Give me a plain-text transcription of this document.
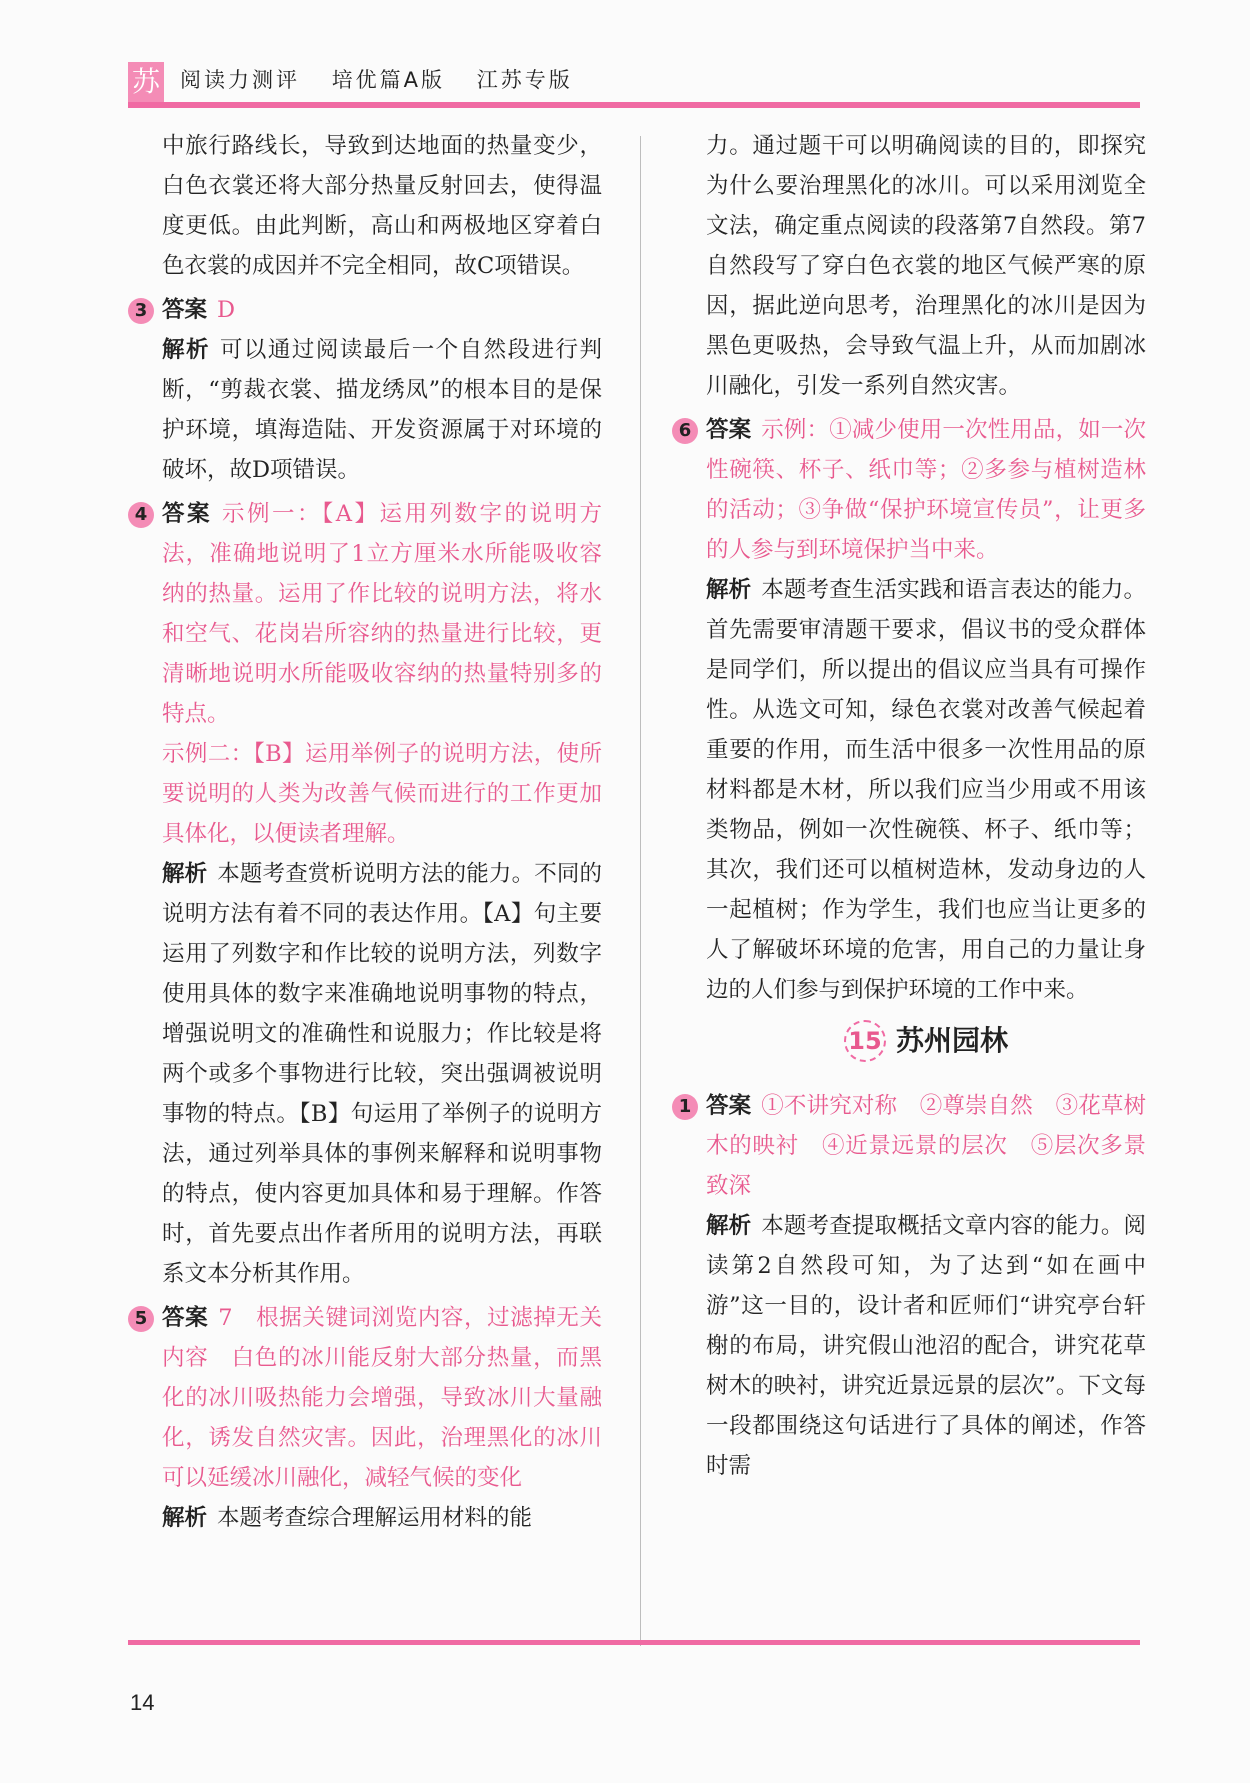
苏 阅读力测评 培优篇A版 江苏专版

中旅行路线长，导致到达地面的热量变少，白色衣裳还将大部分热量反射回去，使得温度更低。由此判断，高山和两极地区穿着白色衣裳的成因并不完全相同，故C项错误。

3 答案 D

解析 可以通过阅读最后一个自然段进行判断，“剪裁衣裳、描龙绣凤”的根本目的是保护环境，填海造陆、开发资源属于对环境的破坏，故D项错误。

4 答案 示例一：【A】运用列数字的说明方法，准确地说明了1立方厘米水所能吸收容纳的热量。运用了作比较的说明方法，将水和空气、花岗岩所容纳的热量进行比较，更清晰地说明水所能吸收容纳的热量特别多的特点。

示例二：【B】运用举例子的说明方法，使所要说明的人类为改善气候而进行的工作更加具体化，以便读者理解。

解析 本题考查赏析说明方法的能力。不同的说明方法有着不同的表达作用。【A】句主要运用了列数字和作比较的说明方法，列数字使用具体的数字来准确地说明事物的特点，增强说明文的准确性和说服力；作比较是将两个或多个事物进行比较，突出强调被说明事物的特点。【B】句运用了举例子的说明方法，通过列举具体的事例来解释和说明事物的特点，使内容更加具体和易于理解。作答时，首先要点出作者所用的说明方法，再联系文本分析其作用。

5 答案 7　根据关键词浏览内容，过滤掉无关内容　白色的冰川能反射大部分热量，而黑化的冰川吸热能力会增强，导致冰川大量融化，诱发自然灾害。因此，治理黑化的冰川可以延缓冰川融化，减轻气候的变化

解析 本题考查综合理解运用材料的能

力。通过题干可以明确阅读的目的，即探究为什么要治理黑化的冰川。可以采用浏览全文法，确定重点阅读的段落第7自然段。第7自然段写了穿白色衣裳的地区气候严寒的原因，据此逆向思考，治理黑化的冰川是因为黑色更吸热，会导致气温上升，从而加剧冰川融化，引发一系列自然灾害。

6 答案 示例：①减少使用一次性用品，如一次性碗筷、杯子、纸巾等；②多参与植树造林的活动；③争做“保护环境宣传员”，让更多的人参与到环境保护当中来。

解析 本题考查生活实践和语言表达的能力。首先需要审清题干要求，倡议书的受众群体是同学们，所以提出的倡议应当具有可操作性。从选文可知，绿色衣裳对改善气候起着重要的作用，而生活中很多一次性用品的原材料都是木材，所以我们应当少用或不用该类物品，例如一次性碗筷、杯子、纸巾等；其次，我们还可以植树造林，发动身边的人一起植树；作为学生，我们也应当让更多的人了解破坏环境的危害，用自己的力量让身边的人们参与到保护环境的工作中来。

15 苏州园林
1 答案 ①不讲究对称　②尊崇自然　③花草树木的映衬　④近景远景的层次　⑤层次多景致深

解析 本题考查提取概括文章内容的能力。阅读第2自然段可知，为了达到“如在画中游”这一目的，设计者和匠师们“讲究亭台轩榭的布局，讲究假山池沼的配合，讲究花草树木的映衬，讲究近景远景的层次”。下文每一段都围绕这句话进行了具体的阐述，作答时需

14
